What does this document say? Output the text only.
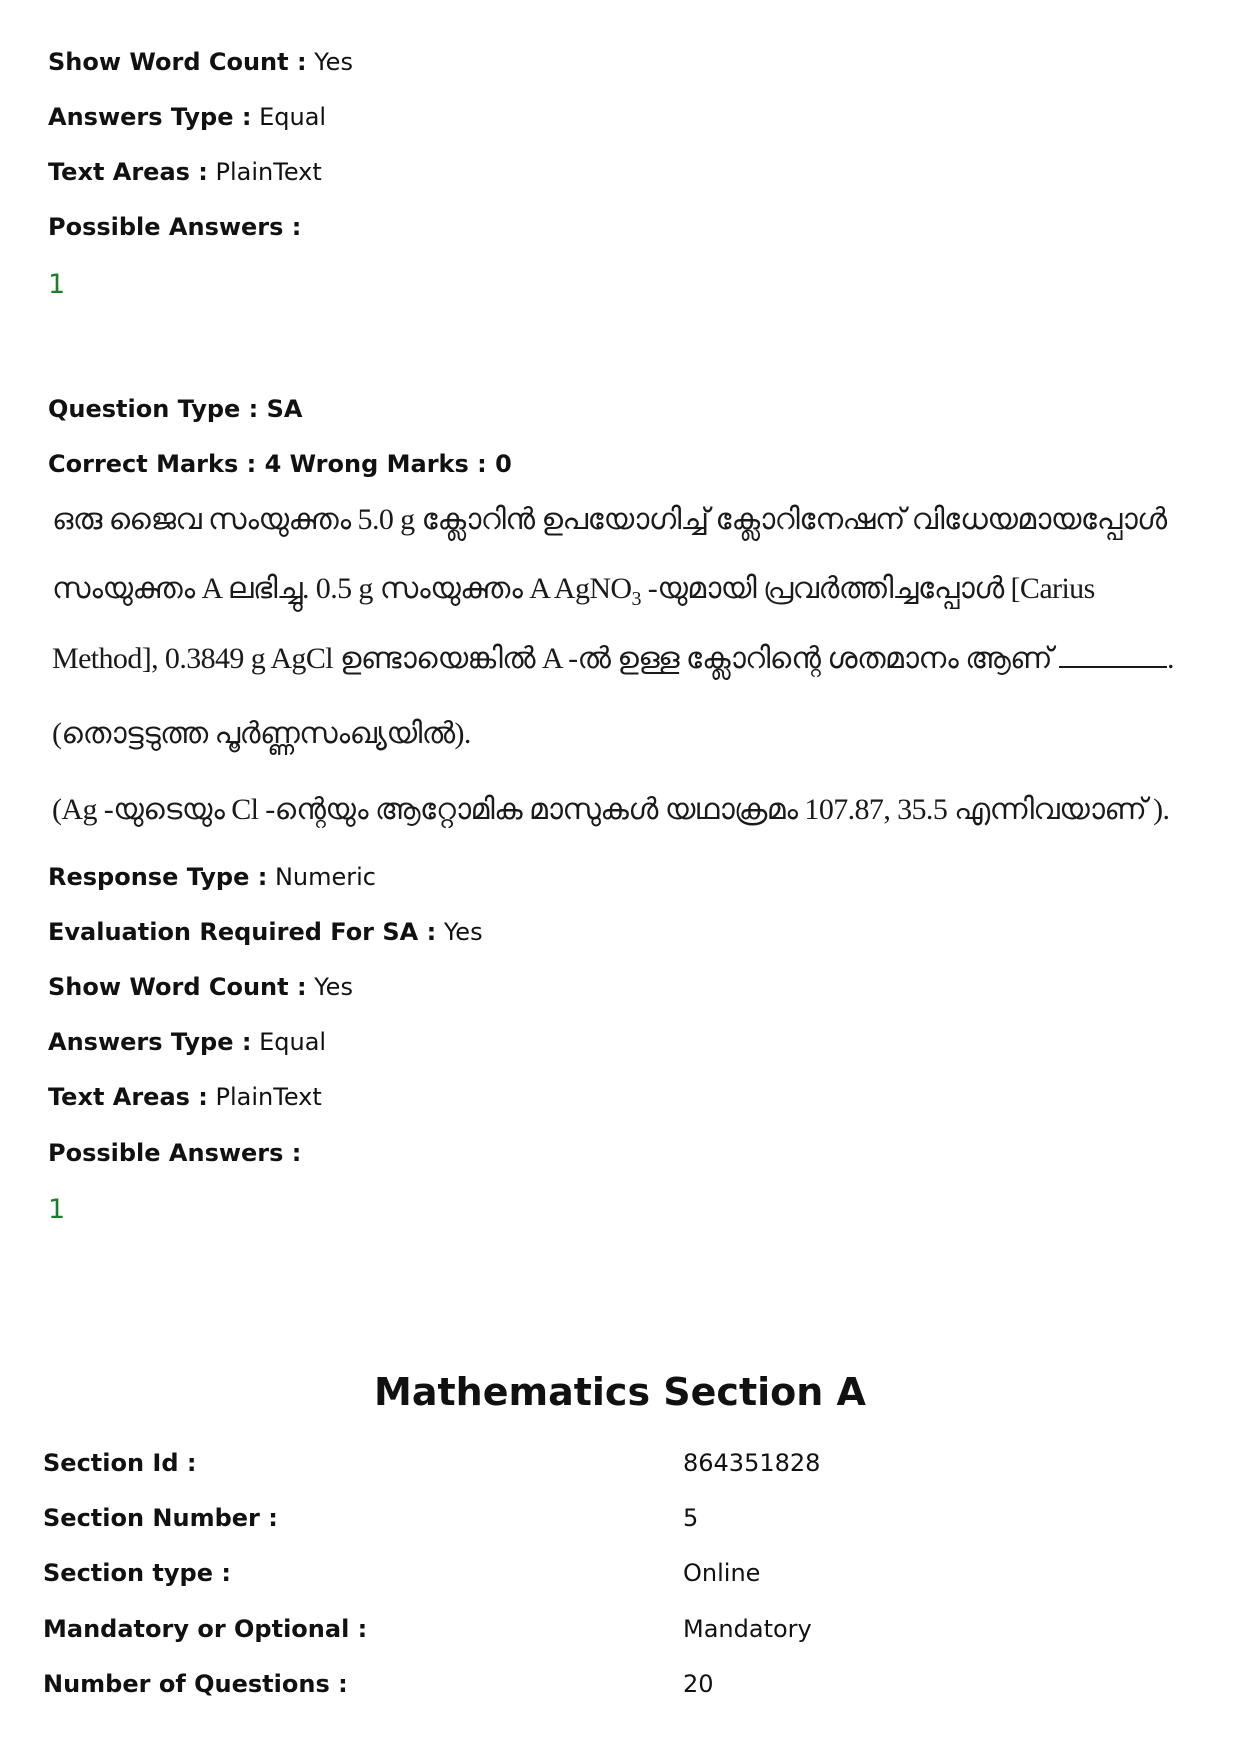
Show Word Count : Yes
Answers Type : Equal
Text Areas : PlainText
Possible Answers :
1
Question Type : SA
Correct Marks : 4 Wrong Marks : 0
ഒരു ജൈവ സംയുക്തം 5.0 g ക്ലോറിൻ ഉപയോഗിച്ച് ക്ലോറിനേഷന് വിധേയമായപ്പോൾ
സംയുക്തം A ലഭിച്ചു. 0.5 g സംയുക്തം A AgNO$_3$ -യുമായി പ്രവർത്തിച്ചപ്പോൾ [Carius
Method], 0.3849 g AgCl ഉണ്ടായെങ്കിൽ A -ൽ ഉള്ള ക്ലോറിന്റെ ശതമാനം ആണ്	.
(തൊട്ടടുത്ത പൂർണ്ണസംഖ്യയിൽ).
(Ag -യുടെയും Cl -ന്റെയും ആറ്റോമിക മാസുകൾ യഥാക്രമം 107.87, 35.5 എന്നിവയാണ് ).
Response Type : Numeric
Evaluation Required For SA : Yes
Show Word Count : Yes
Answers Type : Equal
Text Areas : PlainText
Possible Answers :
1
Mathematics Section A
Section Id :	864351828
Section Number :	5
Section type :	Online
Mandatory or Optional :	Mandatory
Number of Questions :	20
